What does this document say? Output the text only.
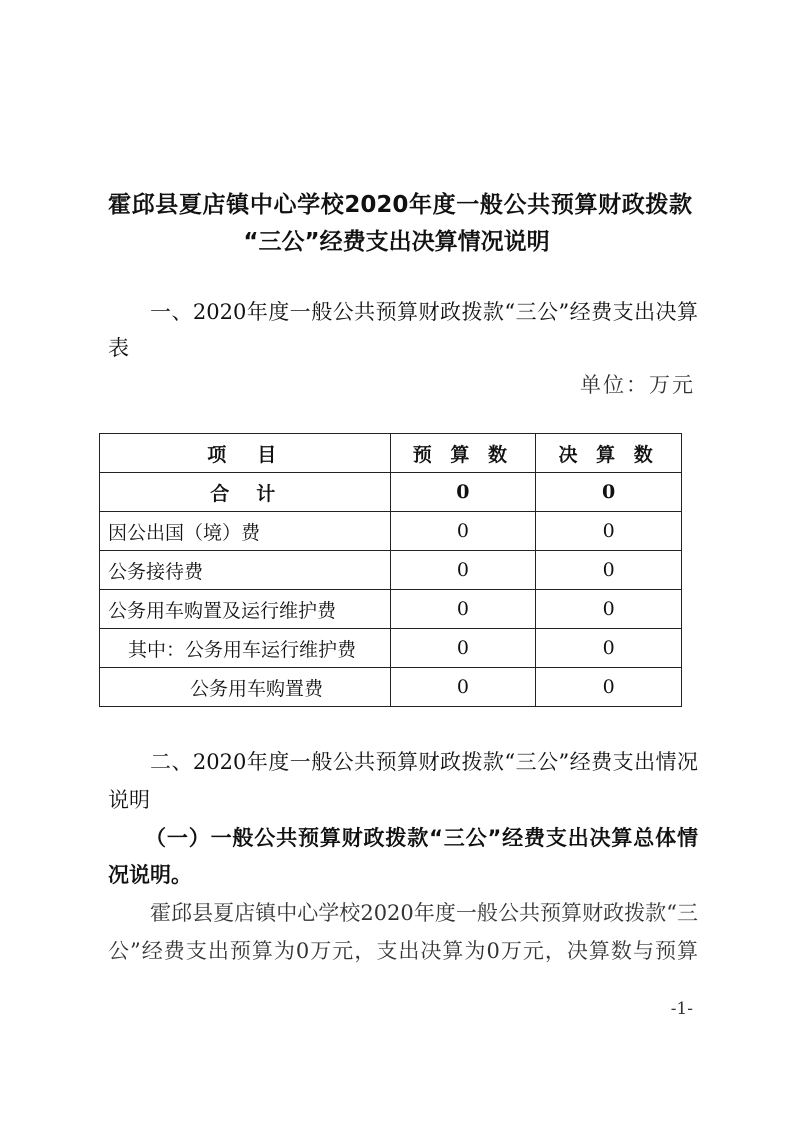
霍邱县夏店镇中心学校2020年度一般公共预算财政拨款
“三公”经费支出决算情况说明
一、2020年度一般公共预算财政拨款“三公”经费支出决算
表
单位：万元
项　目	预 算 数	决 算 数
合　计	0	0
因公出国（境）费	0	0
公务接待费	0	0
公务用车购置及运行维护费	0	0
其中：公务用车运行维护费	0	0
公务用车购置费	0	0
二、2020年度一般公共预算财政拨款“三公”经费支出情况
说明
（一）一般公共预算财政拨款“三公”经费支出决算总体情
况说明。
霍邱县夏店镇中心学校2020年度一般公共预算财政拨款“三
公”经费支出预算为0万元，支出决算为0万元，决算数与预算
-1-
